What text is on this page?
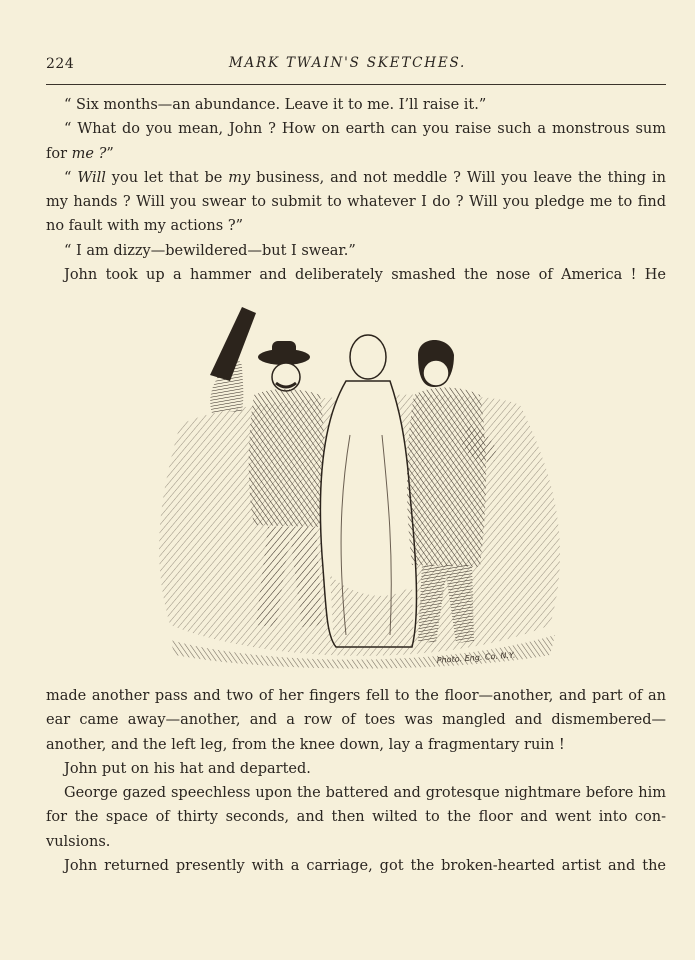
224	MARK TWAIN'S SKETCHES.

“ Six months—an abundance. Leave it to me. I’ll raise it.”

“ What do you mean, John ? How on earth can you raise such a monstrous sum for me ?”

“ Will you let that be my business, and not meddle ? Will you leave the thing in my hands ? Will you swear to submit to whatever I do ? Will you pledge me to find no fault with my actions ?”

“ I am dizzy—bewildered—but I swear.”

John took up a hammer and deliberately smashed the nose of America ! He

Photo. Eng. Co. N.Y.

made another pass and two of her fingers fell to the floor—another, and part of an ear came away—another, and a row of toes was mangled and dismembered—another, and the left leg, from the knee down, lay a fragmentary ruin !

John put on his hat and departed.

George gazed speechless upon the battered and grotesque nightmare before him for the space of thirty seconds, and then wilted to the floor and went into con- vulsions.

John returned presently with a carriage, got the broken-hearted artist and the
